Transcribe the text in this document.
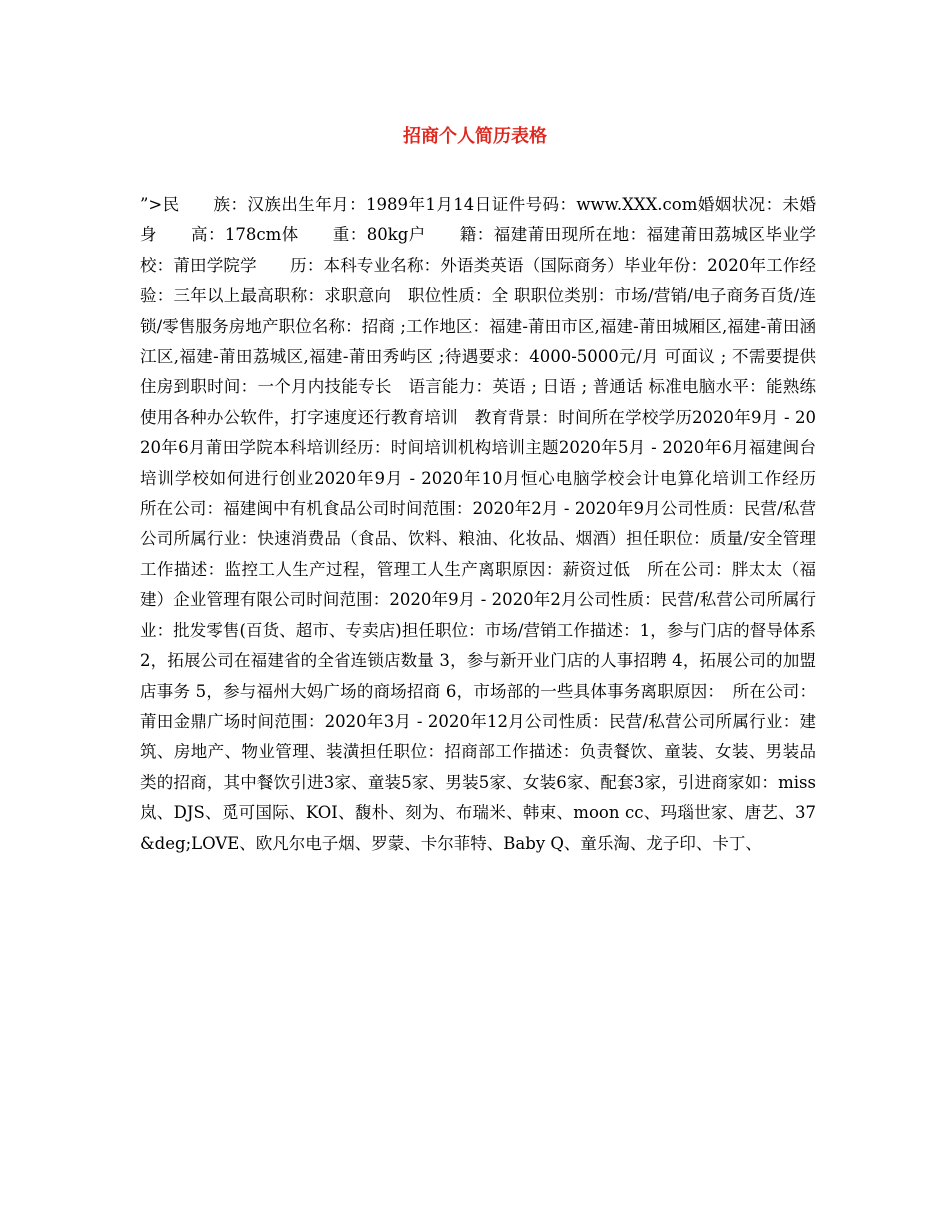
招商个人简历表格

”>民　　族：汉族出生年月：1989年1月14日证件号码：www.XXX.com婚姻状况：未婚身　　高：178cm体　　重：80kg户　　籍：福建莆田现所在地：福建莆田荔城区毕业学校：莆田学院学　　历：本科专业名称：外语类英语（国际商务）毕业年份：2020年工作经验：三年以上最高职称：求职意向　职位性质：全 职职位类别：市场/营销/电子商务百货/连锁/零售服务房地产职位名称：招商 ;工作地区：福建-莆田市区,福建-莆田城厢区,福建-莆田涵江区,福建-莆田荔城区,福建-莆田秀屿区 ;待遇要求：4000-5000元/月 可面议 ; 不需要提供住房到职时间：一个月内技能专长　语言能力：英语 ; 日语 ; 普通话 标准电脑水平：能熟练使用各种办公软件，打字速度还行教育培训　教育背景：时间所在学校学历2020年9月 - 2020年6月莆田学院本科培训经历：时间培训机构培训主题2020年5月 - 2020年6月福建闽台培训学校如何进行创业2020年9月 - 2020年10月恒心电脑学校会计电算化培训工作经历　　所在公司：福建闽中有机食品公司时间范围：2020年2月 - 2020年9月公司性质：民营/私营公司所属行业：快速消费品（食品、饮料、粮油、化妆品、烟酒）担任职位：质量/安全管理工作描述：监控工人生产过程，管理工人生产离职原因：薪资过低　所在公司：胖太太（福建）企业管理有限公司时间范围：2020年9月 - 2020年2月公司性质：民营/私营公司所属行业：批发零售(百货、超市、专卖店)担任职位：市场/营销工作描述：1，参与门店的督导体系 2，拓展公司在福建省的全省连锁店数量 3，参与新开业门店的人事招聘 4，拓展公司的加盟店事务 5，参与福州大妈广场的商场招商 6，市场部的一些具体事务离职原因：　所在公司：莆田金鼎广场时间范围：2020年3月 - 2020年12月公司性质：民营/私营公司所属行业：建筑、房地产、物业管理、装潢担任职位：招商部工作描述：负责餐饮、童装、女装、男装品类的招商，其中餐饮引进3家、童装5家、男装5家、女装6家、配套3家，引进商家如：miss岚、DJS、觅可国际、KOI、馥朴、刻为、布瑞米、韩束、moon cc、玛瑙世家、唐艺、37&deg;LOVE、欧凡尔电子烟、罗蒙、卡尔菲特、Baby Q、童乐淘、龙子印、卡丁、
